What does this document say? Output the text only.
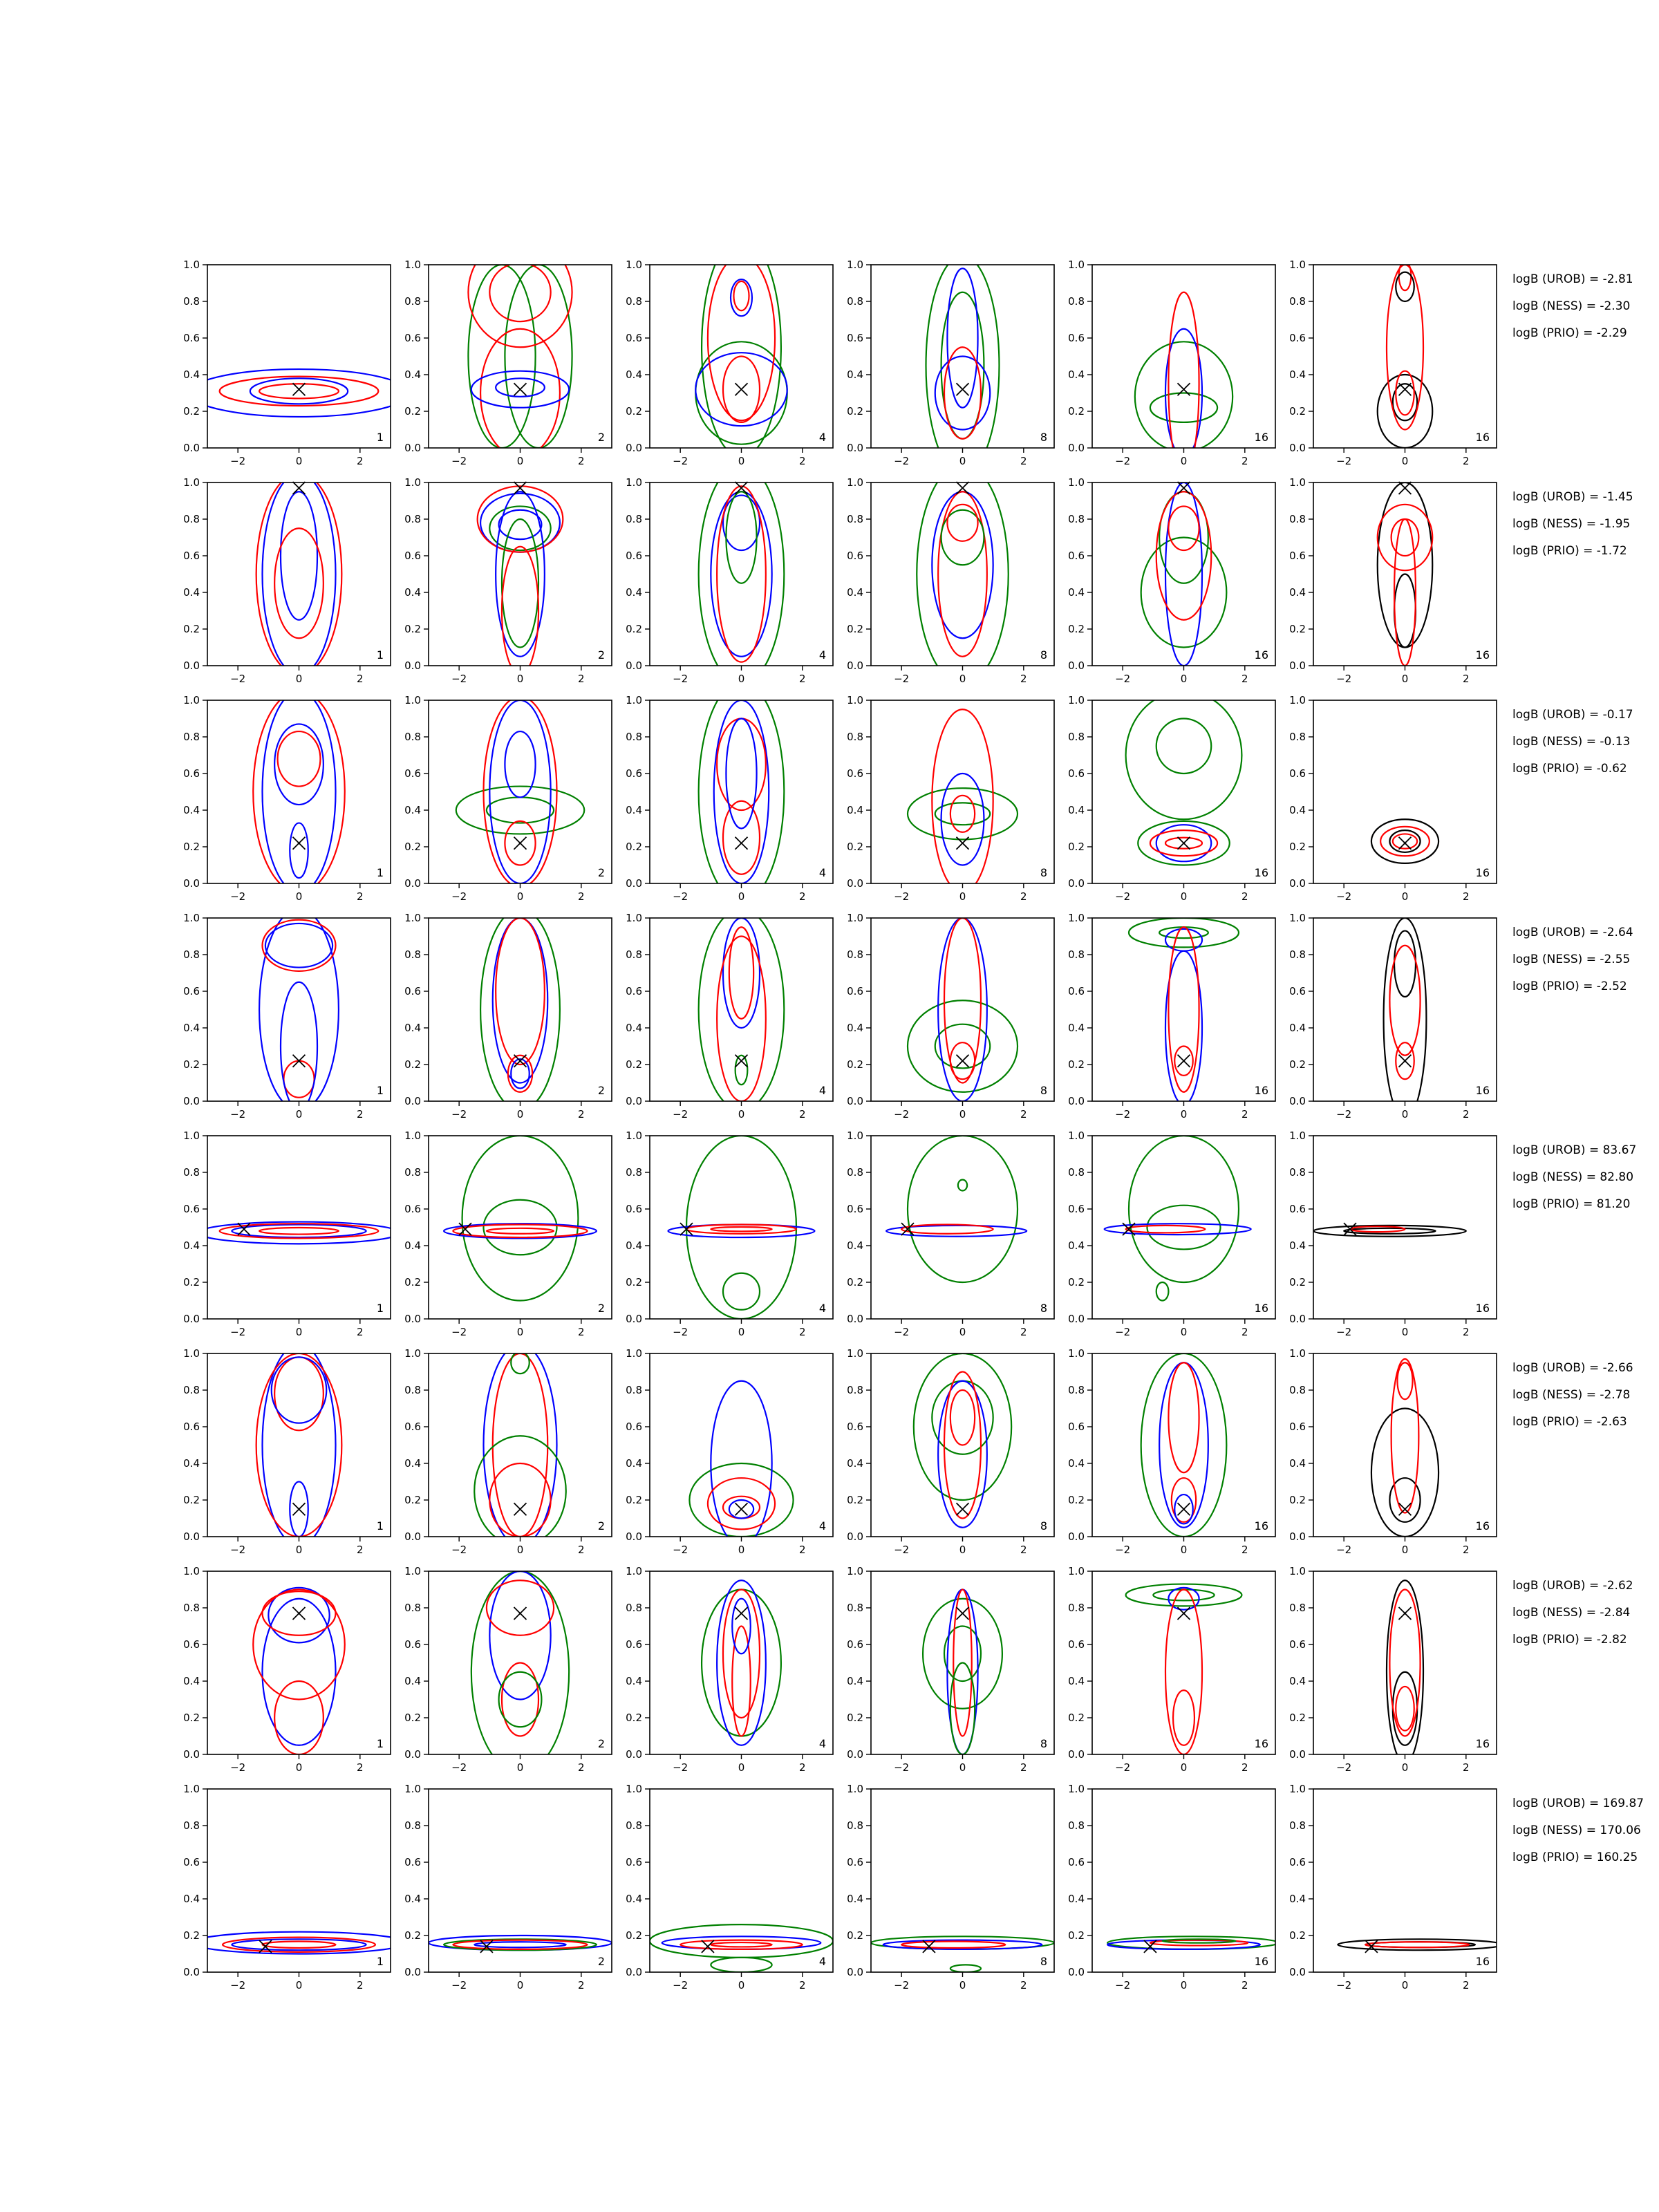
−2	0	2
0.0
0.2
0.4
0.6
0.8
1.0
1
−2	0	2
0.0
0.2
0.4
0.6
0.8
1.0
2
−2	0	2
0.0
0.2
0.4
0.6
0.8
1.0
4
−2	0	2
0.0
0.2
0.4
0.6
0.8
1.0
8
−2	0	2
0.0
0.2
0.4
0.6
0.8
1.0
16
−2	0	2
0.0
0.2
0.4
0.6
0.8
1.0
16
−2	0	2
0.0
0.2
0.4
0.6
0.8
1.0
1
−2	0	2
0.0
0.2
0.4
0.6
0.8
1.0
2
−2	0	2
0.0
0.2
0.4
0.6
0.8
1.0
4
−2	0	2
0.0
0.2
0.4
0.6
0.8
1.0
8
−2	0	2
0.0
0.2
0.4
0.6
0.8
1.0
16
−2	0	2
0.0
0.2
0.4
0.6
0.8
1.0
16
−2	0	2
0.0
0.2
0.4
0.6
0.8
1.0
1
−2	0	2
0.0
0.2
0.4
0.6
0.8
1.0
2
−2	0	2
0.0
0.2
0.4
0.6
0.8
1.0
4
−2	0	2
0.0
0.2
0.4
0.6
0.8
1.0
8
−2	0	2
0.0
0.2
0.4
0.6
0.8
1.0
16
−2	0	2
0.0
0.2
0.4
0.6
0.8
1.0
16
−2	0	2
0.0
0.2
0.4
0.6
0.8
1.0
1
−2	0	2
0.0
0.2
0.4
0.6
0.8
1.0
2
−2	0	2
0.0
0.2
0.4
0.6
0.8
1.0
4
−2	0	2
0.0
0.2
0.4
0.6
0.8
1.0
8
−2	0	2
0.0
0.2
0.4
0.6
0.8
1.0
16
−2	0	2
0.0
0.2
0.4
0.6
0.8
1.0
16
−2	0	2
0.0
0.2
0.4
0.6
0.8
1.0
1
−2	0	2
0.0
0.2
0.4
0.6
0.8
1.0
2
−2	0	2
0.0
0.2
0.4
0.6
0.8
1.0
4
−2	0	2
0.0
0.2
0.4
0.6
0.8
1.0
8
−2	0	2
0.0
0.2
0.4
0.6
0.8
1.0
16
−2	0	2
0.0
0.2
0.4
0.6
0.8
1.0
16
−2	0	2
0.0
0.2
0.4
0.6
0.8
1.0
1
−2	0	2
0.0
0.2
0.4
0.6
0.8
1.0
2
−2	0	2
0.0
0.2
0.4
0.6
0.8
1.0
4
−2	0	2
0.0
0.2
0.4
0.6
0.8
1.0
8
−2	0	2
0.0
0.2
0.4
0.6
0.8
1.0
16
−2	0	2
0.0
0.2
0.4
0.6
0.8
1.0
16
−2	0	2
0.0
0.2
0.4
0.6
0.8
1.0
1
−2	0	2
0.0
0.2
0.4
0.6
0.8
1.0
2
−2	0	2
0.0
0.2
0.4
0.6
0.8
1.0
4
−2	0	2
0.0
0.2
0.4
0.6
0.8
1.0
8
−2	0	2
0.0
0.2
0.4
0.6
0.8
1.0
16
−2	0	2
0.0
0.2
0.4
0.6
0.8
1.0
16
−2	0	2
0.0
0.2
0.4
0.6
0.8
1.0
1
−2	0	2
0.0
0.2
0.4
0.6
0.8
1.0
2
−2	0	2
0.0
0.2
0.4
0.6
0.8
1.0
4
−2	0	2
0.0
0.2
0.4
0.6
0.8
1.0
8
−2	0	2
0.0
0.2
0.4
0.6
0.8
1.0
16
−2	0	2
0.0
0.2
0.4
0.6
0.8
1.0
16
logB (UROB) = -2.81
logB (NESS) = -2.30
logB (PRIO) = -2.29
logB (UROB) = -1.45
logB (NESS) = -1.95
logB (PRIO) = -1.72
logB (UROB) = -0.17
logB (NESS) = -0.13
logB (PRIO) = -0.62
logB (UROB) = -2.64
logB (NESS) = -2.55
logB (PRIO) = -2.52
logB (UROB) = 83.67
logB (NESS) = 82.80
logB (PRIO) = 81.20
logB (UROB) = -2.66
logB (NESS) = -2.78
logB (PRIO) = -2.63
logB (UROB) = -2.62
logB (NESS) = -2.84
logB (PRIO) = -2.82
logB (UROB) = 169.87
logB (NESS) = 170.06
logB (PRIO) = 160.25
